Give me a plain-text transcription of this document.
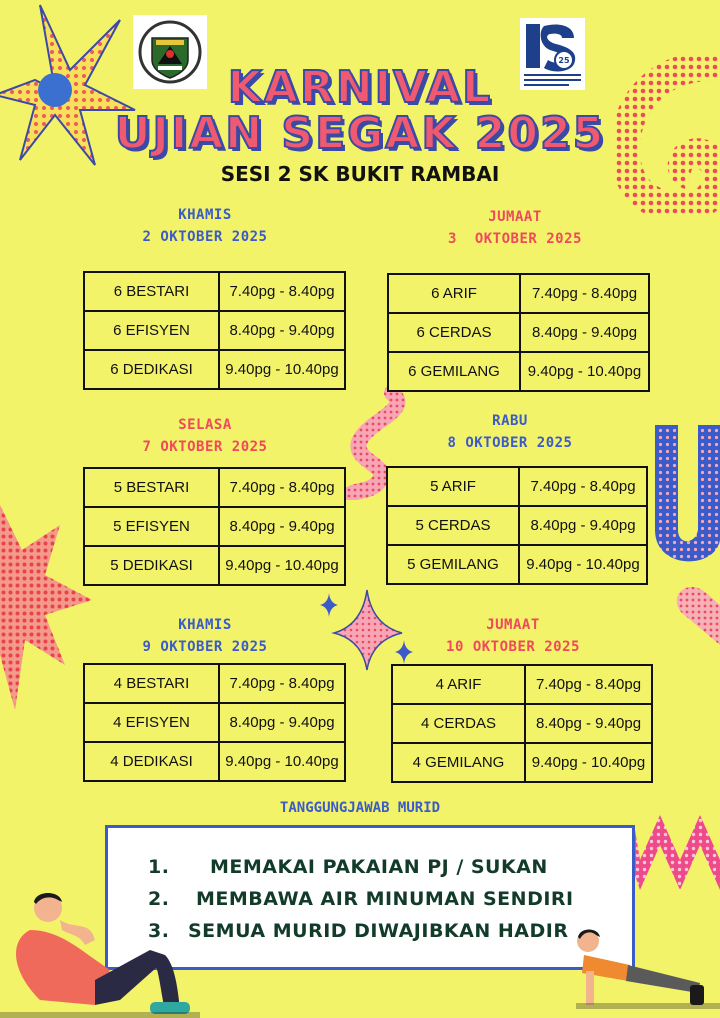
25
KARNIVAL
UJIAN SEGAK 2025
SESI 2 SK BUKIT RAMBAI
KHAMIS
2 OKTOBER 2025
6 BESTARI	7.40pg - 8.40pg
6 EFISYEN	8.40pg - 9.40pg
6 DEDIKASI	9.40pg - 10.40pg
JUMAAT
3  OKTOBER 2025
6 ARIF	7.40pg - 8.40pg
6 CERDAS	8.40pg - 9.40pg
6 GEMILANG	9.40pg - 10.40pg
SELASA
7 OKTOBER 2025
5 BESTARI	7.40pg - 8.40pg
5 EFISYEN	8.40pg - 9.40pg
5 DEDIKASI	9.40pg - 10.40pg
RABU
8 OKTOBER 2025
5 ARIF	7.40pg - 8.40pg
5 CERDAS	8.40pg - 9.40pg
5 GEMILANG	9.40pg - 10.40pg
KHAMIS
9 OKTOBER 2025
4 BESTARI	7.40pg - 8.40pg
4 EFISYEN	8.40pg - 9.40pg
4 DEDIKASI	9.40pg - 10.40pg
JUMAAT
10 OKTOBER 2025
4 ARIF	7.40pg - 8.40pg
4 CERDAS	8.40pg - 9.40pg
4 GEMILANG	9.40pg - 10.40pg
TANGGUNGJAWAB MURID
1. MEMAKAI PAKAIAN PJ / SUKAN
2. MEMBAWA AIR MINUMAN SENDIRI
3. SEMUA MURID DIWAJIBKAN HADIR
